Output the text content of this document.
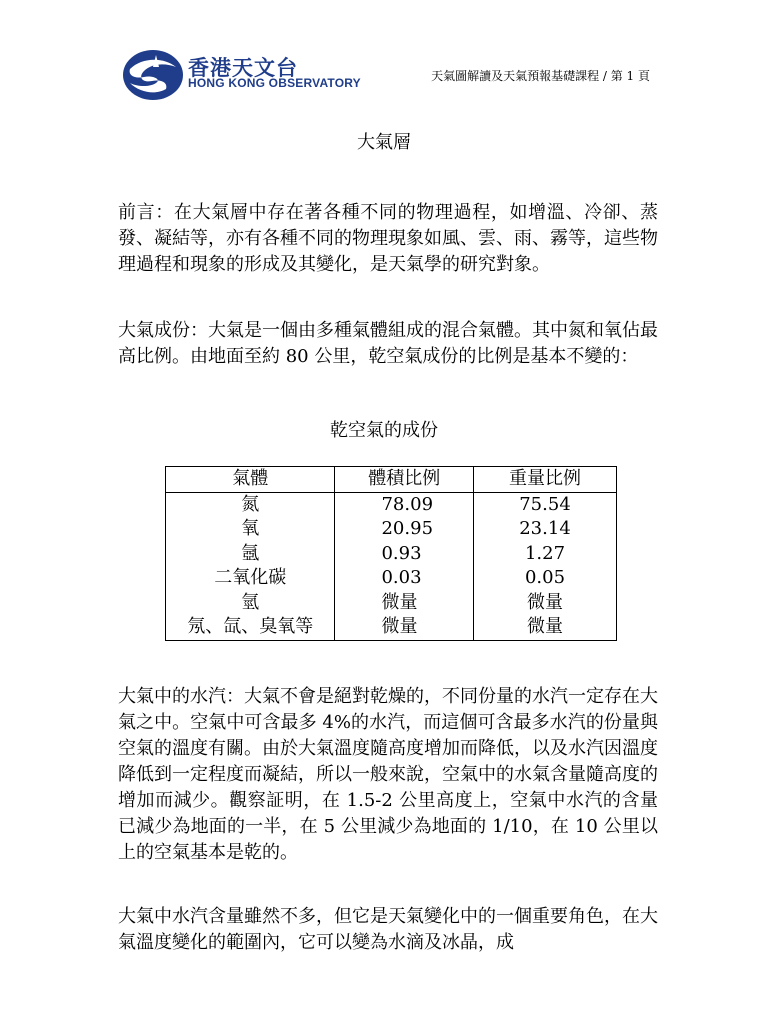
香港天文台
HONG KONG OBSERVATORY	天氣圖解讀及天氣預報基礎課程 / 第 1 頁
大氣層

前言：在大氣層中存在著各種不同的物理過程，如增溫、冷卻、蒸發、凝結等，亦有各種不同的物理現象如風、雲、雨、霧等，這些物理過程和現象的形成及其變化，是天氣學的研究對象。

大氣成份：大氣是一個由多種氣體組成的混合氣體。其中氮和氧佔最高比例。由地面至約 80 公里，乾空氣成份的比例是基本不變的：

乾空氣的成份
氣體	體積比例	重量比例
氮	78.09	75.54
氧	20.95	23.14
氬	0.93	1.27
二氧化碳	0.03	0.05
氫	微量	微量
氖、氙、臭氧等	微量	微量

大氣中的水汽：大氣不會是絕對乾燥的，不同份量的水汽一定存在大氣之中。空氣中可含最多 4%的水汽，而這個可含最多水汽的份量與空氣的溫度有關。由於大氣溫度隨高度增加而降低，以及水汽因溫度降低到一定程度而凝結，所以一般來說，空氣中的水氣含量隨高度的增加而減少。觀察証明，在 1.5-2 公里高度上，空氣中水汽的含量已減少為地面的一半，在 5 公里減少為地面的 1/10，在 10 公里以上的空氣基本是乾的。

大氣中水汽含量雖然不多，但它是天氣變化中的一個重要角色，在大氣溫度變化的範圍內，它可以變為水滴及冰晶，成
